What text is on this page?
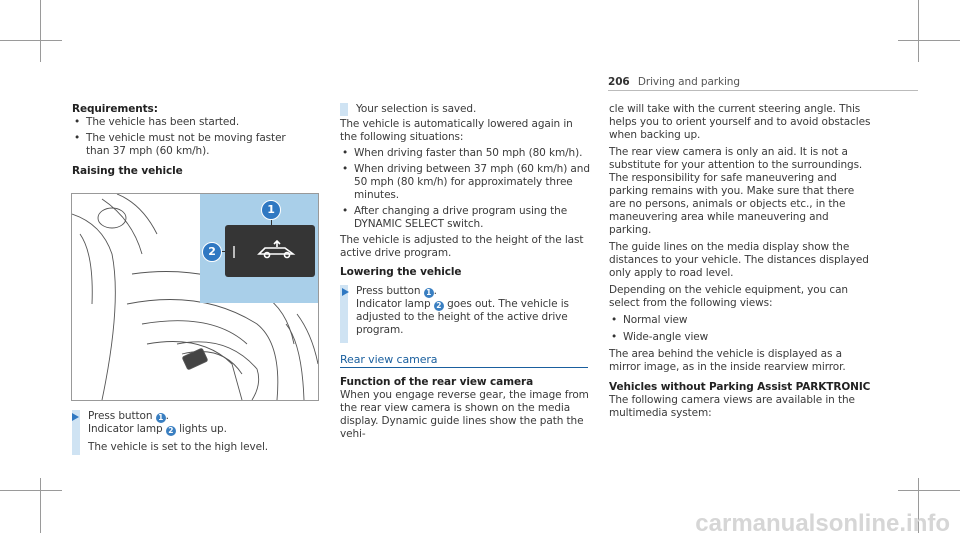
206 Driving and parking

Requirements:

• The vehicle has been started.

• The vehicle must not be moving faster than 37 mph (60 km/h).

Raising the vehicle

1
2

Press button 1 .

Indicator lamp 2 lights up.

The vehicle is set to the high level.

Your selection is saved.

The vehicle is automatically lowered again in the following situations:

• When driving faster than 50 mph (80 km/h).

• When driving between 37 mph (60 km/h) and 50 mph (80 km/h) for approximately three minutes.

• After changing a drive program using the DYNAMIC SELECT switch.

The vehicle is adjusted to the height of the last active drive program.

Lowering the vehicle

Press button 1 .

Indicator lamp 2 goes out. The vehicle is adjusted to the height of the active drive program.

Rear view camera

Function of the rear view camera

When you engage reverse gear, the image from the rear view camera is shown on the media display. Dynamic guide lines show the path the vehi-

cle will take with the current steering angle. This helps you to orient yourself and to avoid obstacles when backing up.

The rear view camera is only an aid. It is not a substitute for your attention to the surroundings. The responsibility for safe maneuvering and parking remains with you. Make sure that there are no persons, animals or objects etc., in the maneuvering area while maneuvering and parking.

The guide lines on the media display show the distances to your vehicle. The distances displayed only apply to road level.

Depending on the vehicle equipment, you can select from the following views:

• Normal view

• Wide-angle view

The area behind the vehicle is displayed as a mirror image, as in the inside rearview mirror.

Vehicles without Parking Assist PARKTRONIC

The following camera views are available in the multimedia system:

carmanualsonline.info
